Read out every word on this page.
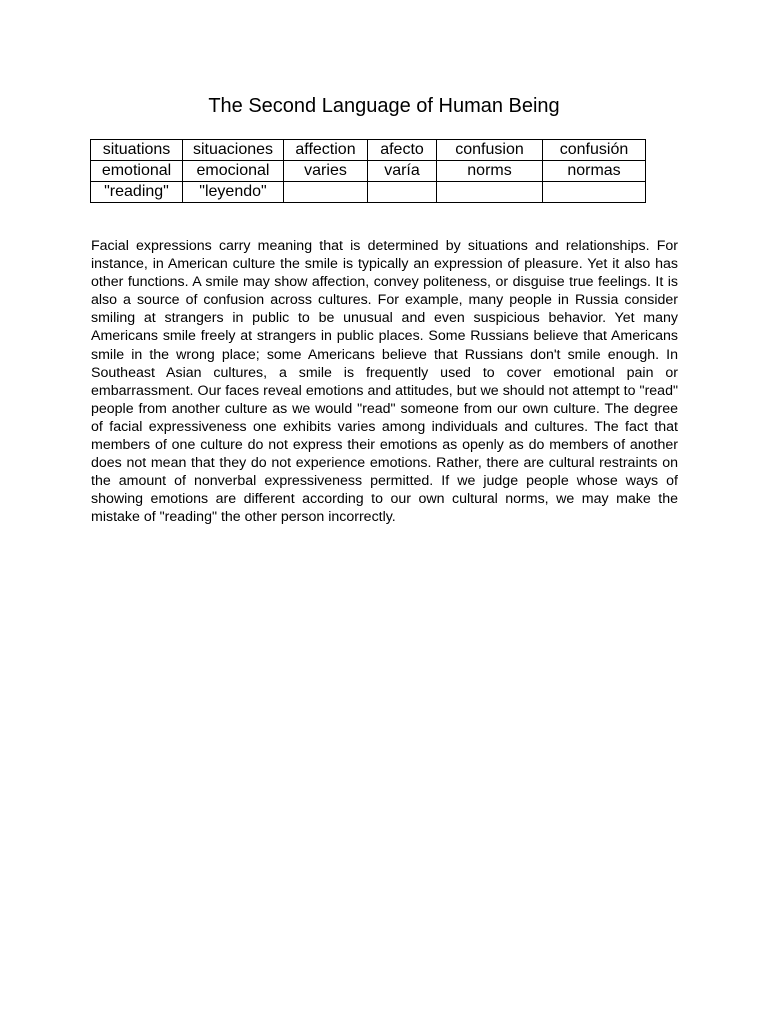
The Second Language of Human Being
situations	situaciones	affection	afecto	confusion	confusión
emotional	emocional	varies	varía	norms	normas
"reading"	"leyendo"				

Facial expressions carry meaning that is determined by situations and relationships. For instance, in American culture the smile is typically an expression of pleasure. Yet it also has other functions. A smile may show affection, convey politeness, or disguise true feelings. It is also a source of confusion across cultures. For example, many people in Russia consider smiling at strangers in public to be unusual and even suspicious behavior. Yet many Americans smile freely at strangers in public places. Some Russians believe that Americans smile in the wrong place; some Americans believe that Russians don't smile enough. In Southeast Asian cultures, a smile is frequently used to cover emotional pain or embarrassment. Our faces reveal emotions and attitudes, but we should not attempt to "read" people from another culture as we would "read" someone from our own culture. The degree of facial expressiveness one exhibits varies among individuals and cultures. The fact that members of one culture do not express their emotions as openly as do members of another does not mean that they do not experience emotions. Rather, there are cultural restraints on the amount of nonverbal expressiveness permitted. If we judge people whose ways of showing emotions are different according to our own cultural norms, we may make the mistake of "reading" the other person incorrectly.
